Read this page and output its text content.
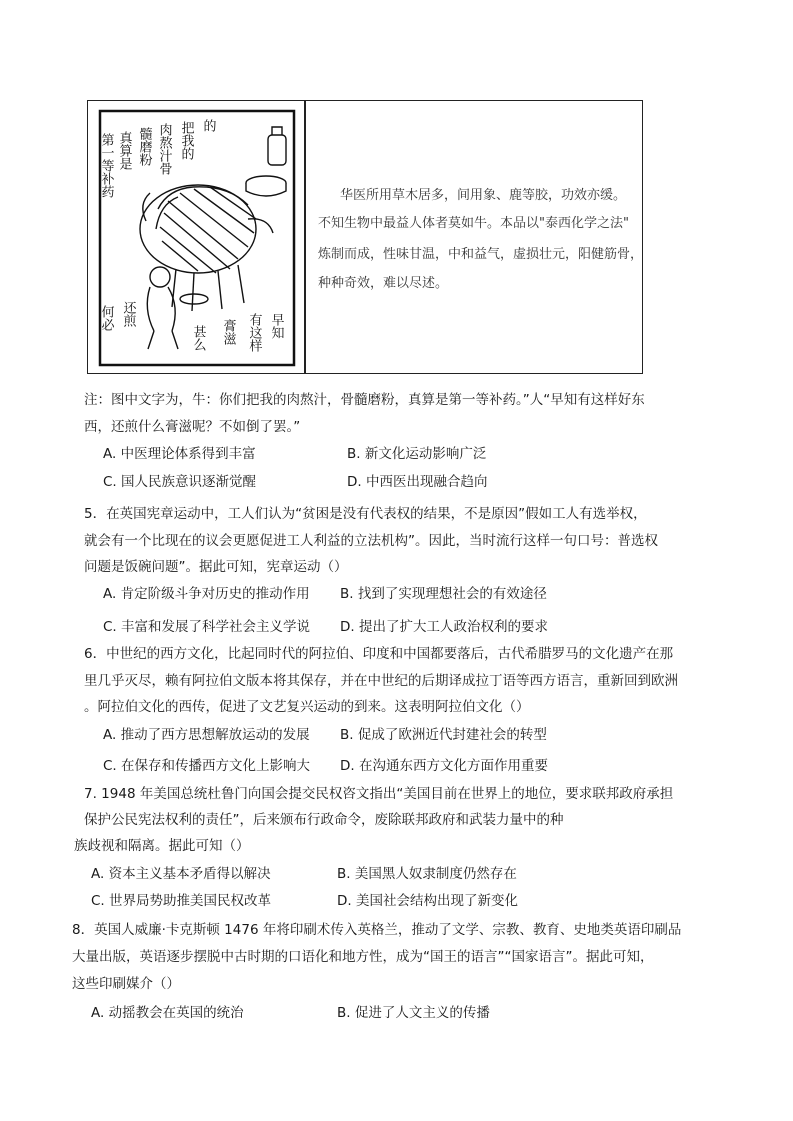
第一等补药 真算是 髓磨粉 肉熬汁骨 把我的 的
何必 还煎
甚么 膏滋 有这样 早知
华医所用草木居多，间用象、鹿等胶，功效亦缓。
不知生物中最益人体者莫如牛。本品以"泰西化学之法"
炼制而成，性味甘温，中和益气，虚损壮元，阳健筋骨，
种种奇效，难以尽述。
注：图中文字为，牛：你们把我的肉熬汁，骨髓磨粉，真算是第一等补药。”人“早知有这样好东
西，还煎什么膏滋呢？不如倒了罢。”
A. 中医理论体系得到丰富	B. 新文化运动影响广泛
C. 国人民族意识逐渐觉醒	D. 中西医出现融合趋向
5．在英国宪章运动中，工人们认为“贫困是没有代表权的结果，不是原因”假如工人有选举权，
就会有一个比现在的议会更愿促进工人利益的立法机构”。因此，当时流行这样一句口号：普选权
问题是饭碗问题”。据此可知，宪章运动（）
A. 肯定阶级斗争对历史的推动作用 B. 找到了实现理想社会的有效途径
C. 丰富和发展了科学社会主义学说 D. 提出了扩大工人政治权利的要求
6．中世纪的西方文化，比起同时代的阿拉伯、印度和中国都要落后，古代希腊罗马的文化遗产在那
里几乎灭尽，赖有阿拉伯文版本将其保存，并在中世纪的后期译成拉丁语等西方语言，重新回到欧洲
。阿拉伯文化的西传，促进了文艺复兴运动的到来。这表明阿拉伯文化（）
A. 推动了西方思想解放运动的发展 B. 促成了欧洲近代封建社会的转型
C. 在保存和传播西方文化上影响大 D. 在沟通东西方文化方面作用重要
7. 1948 年美国总统杜鲁门向国会提交民权咨文指出“美国目前在世界上的地位，要求联邦政府承担
保护公民宪法权利的责任”，后来颁布行政命令，废除联邦政府和武装力量中的种
族歧视和隔离。据此可知（）
A. 资本主义基本矛盾得以解决	B. 美国黑人奴隶制度仍然存在
C. 世界局势助推美国民权改革	D. 美国社会结构出现了新变化
8．英国人威廉·卡克斯顿 1476 年将印刷术传入英格兰，推动了文学、宗教、教育、史地类英语印刷品
大量出版，英语逐步摆脱中古时期的口语化和地方性，成为“国王的语言”“国家语言”。据此可知，
这些印刷媒介（）
A. 动摇教会在英国的统治	B. 促进了人文主义的传播
